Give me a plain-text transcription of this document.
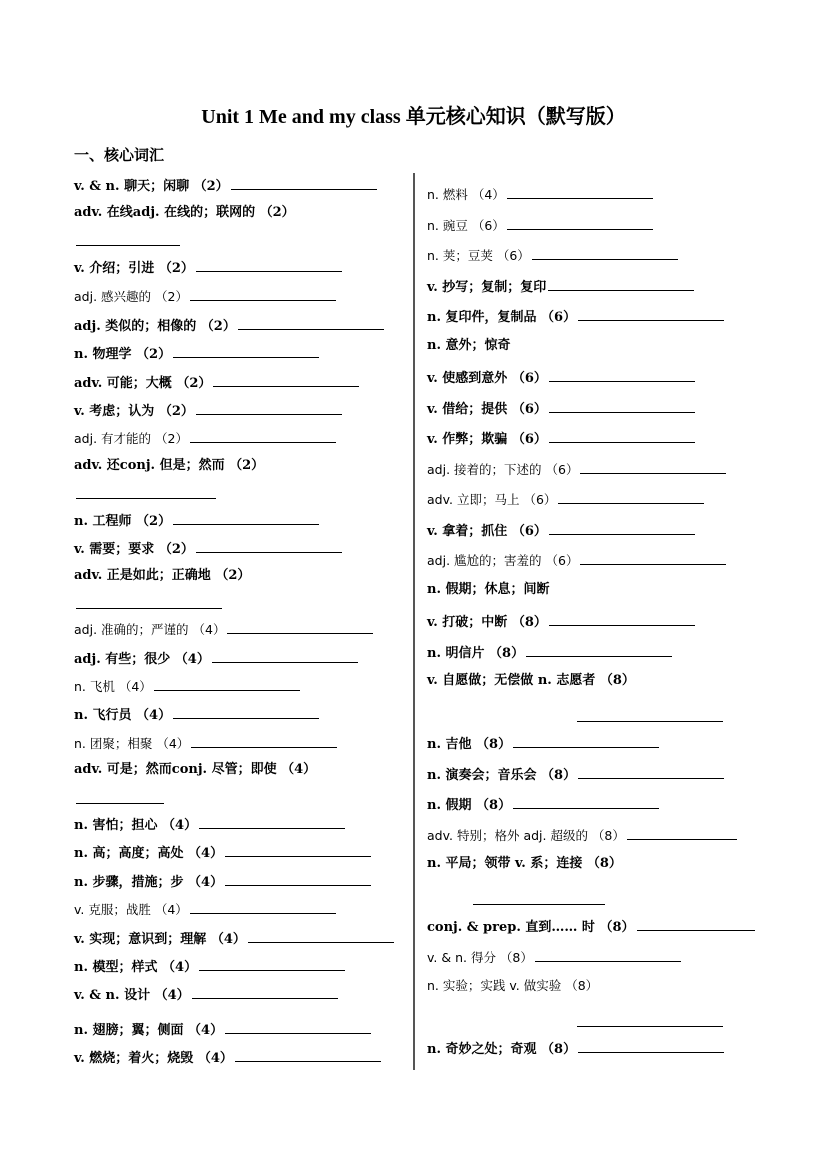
Unit 1 Me and my class 单元核心知识（默写版）
一、核心词汇
v. & n. 聊天；闲聊 （2）
adv. 在线adj. 在线的；联网的 （2）
v. 介绍；引进 （2）
adj. 感兴趣的 （2）
adj. 类似的；相像的 （2）
n. 物理学 （2）
adv. 可能；大概 （2）
v. 考虑；认为 （2）
adj. 有才能的 （2）
adv. 还conj. 但是；然而 （2）
n. 工程师 （2）
v. 需要；要求 （2）
adv. 正是如此；正确地 （2）
adj. 准确的；严谨的 （4）
adj. 有些；很少 （4）
n. 飞机 （4）
n. 飞行员 （4）
n. 团聚；相聚 （4）
adv. 可是；然而conj. 尽管；即使 （4）
n. 害怕；担心 （4）
n. 高；高度；高处 （4）
n. 步骤，措施；步 （4）
v. 克服；战胜 （4）
v. 实现；意识到；理解 （4）
n. 模型；样式 （4）
v. & n. 设计 （4）
n. 翅膀；翼；侧面 （4）
v. 燃烧；着火；烧毁 （4）
n. 燃料 （4）
n. 豌豆 （6）
n. 荚；豆荚 （6）
v. 抄写；复制；复印
n. 复印件，复制品 （6）
n. 意外；惊奇
v. 使感到意外 （6）
v. 借给；提供 （6）
v. 作弊；欺骗 （6）
adj. 接着的；下述的 （6）
adv. 立即；马上 （6）
v. 拿着；抓住 （6）
adj. 尴尬的；害羞的 （6）
n. 假期；休息；间断
v. 打破；中断 （8）
n. 明信片 （8）
v. 自愿做；无偿做 n. 志愿者 （8）
n. 吉他 （8）
n. 演奏会；音乐会 （8）
n. 假期 （8）
adv. 特别；格外 adj. 超级的 （8）
n. 平局；领带 v. 系；连接 （8）
conj. & prep. 直到…… 时 （8）
v. & n. 得分 （8）
n. 实验；实践 v. 做实验 （8）
n. 奇妙之处；奇观 （8）
